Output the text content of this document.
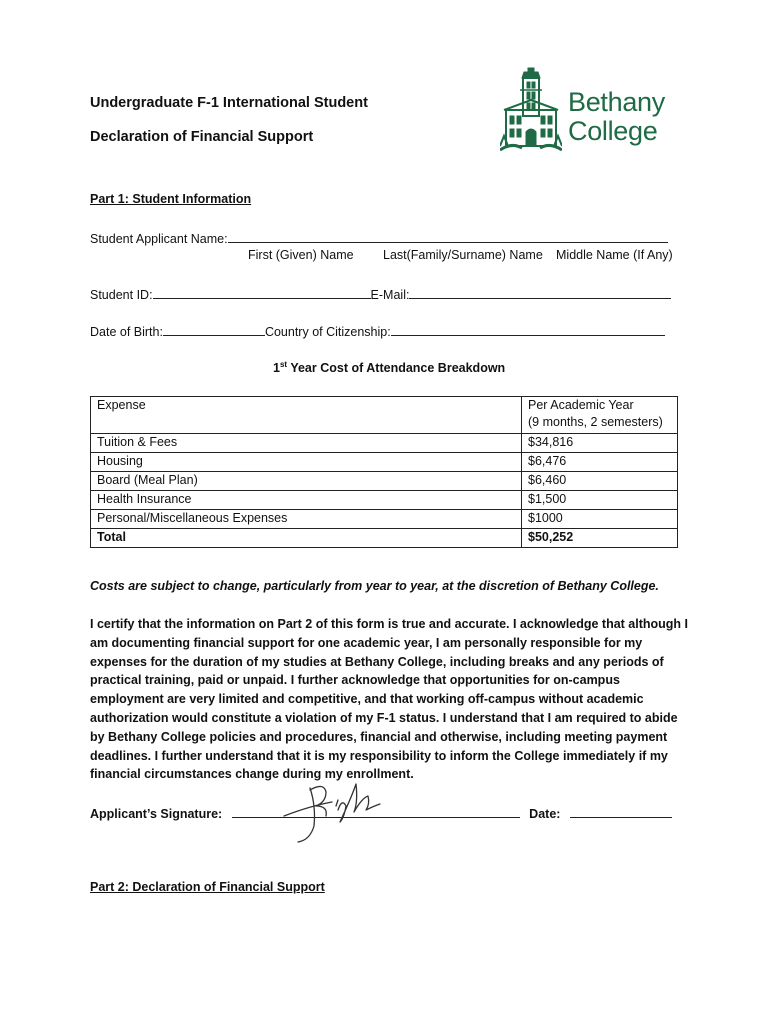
Undergraduate F-1 International Student
Declaration of Financial Support
Bethany
College
Part 1: Student Information
Student Applicant Name:
First (Given) Name Last(Family/Surname) Name Middle Name (If Any)
Student ID:	E-Mail:
Date of Birth:	Country of Citizenship:
1st Year Cost of Attendance Breakdown
Expense	Per Academic Year
(9 months, 2 semesters)
Tuition & Fees	$34,816
Housing	$6,476
Board (Meal Plan)	$6,460
Health Insurance	$1,500
Personal/Miscellaneous Expenses	$1000
Total	$50,252
Costs are subject to change, particularly from year to year, at the discretion of Bethany College.
I certify that the information on Part 2 of this form is true and accurate. I acknowledge that although I
am documenting financial support for one academic year, I am personally responsible for my
expenses for the duration of my studies at Bethany College, including breaks and any periods of
practical training, paid or unpaid. I further acknowledge that opportunities for on-campus
employment are very limited and competitive, and that working off-campus without academic
authorization would constitute a violation of my F-1 status. I understand that I am required to abide
by Bethany College policies and procedures, financial and otherwise, including meeting payment
deadlines. I further understand that it is my responsibility to inform the College immediately if my
financial circumstances change during my enrollment.
Applicant’s Signature:	Date:
Part 2: Declaration of Financial Support
